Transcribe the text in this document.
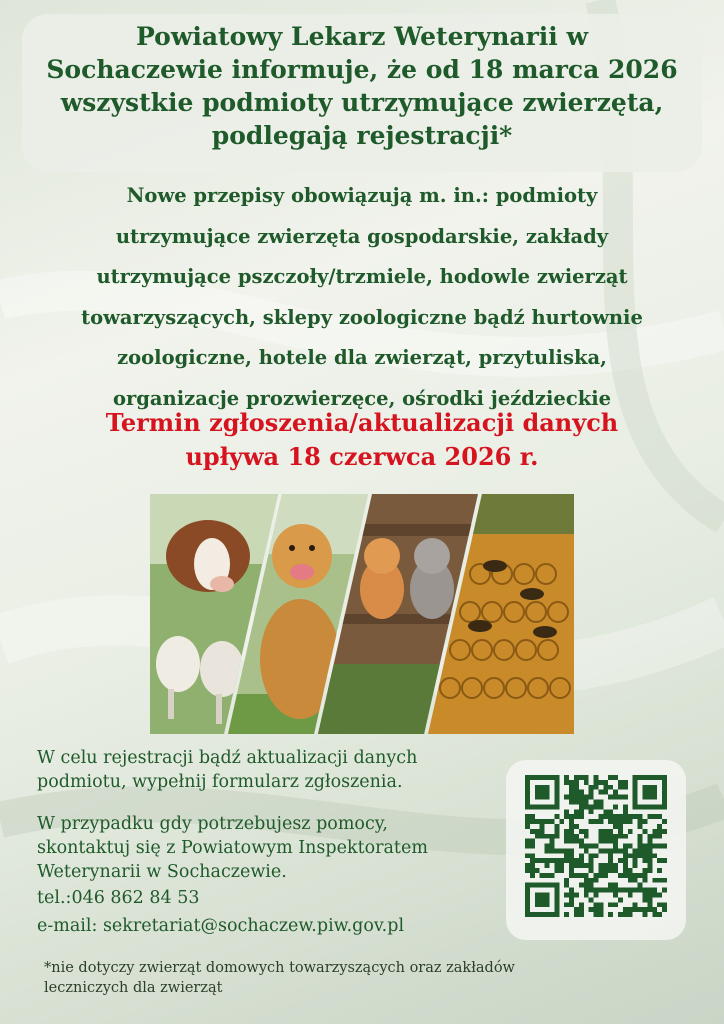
Powiatowy Lekarz Weterynarii w
Sochaczewie informuje, że od 18 marca 2026
wszystkie podmioty utrzymujące zwierzęta,
podlegają rejestracji*
Nowe przepisy obowiązują m. in.: podmioty
utrzymujące zwierzęta gospodarskie, zakłady
utrzymujące pszczoły/trzmiele, hodowle zwierząt
towarzyszących, sklepy zoologiczne bądź hurtownie
zoologiczne, hotele dla zwierząt, przytuliska,
organizacje prozwierzęce, ośrodki jeździeckie
Termin zgłoszenia/aktualizacji danych
upływa 18 czerwca 2026 r.
W celu rejestracji bądź aktualizacji danych
podmiotu, wypełnij formularz zgłoszenia.
W przypadku gdy potrzebujesz pomocy,
skontaktuj się z Powiatowym Inspektoratem
Weterynarii w Sochaczewie.
tel.:046 862 84 53
e-mail: sekretariat@sochaczew.piw.gov.pl
*nie dotyczy zwierząt domowych towarzyszących oraz zakładów
leczniczych dla zwierząt
